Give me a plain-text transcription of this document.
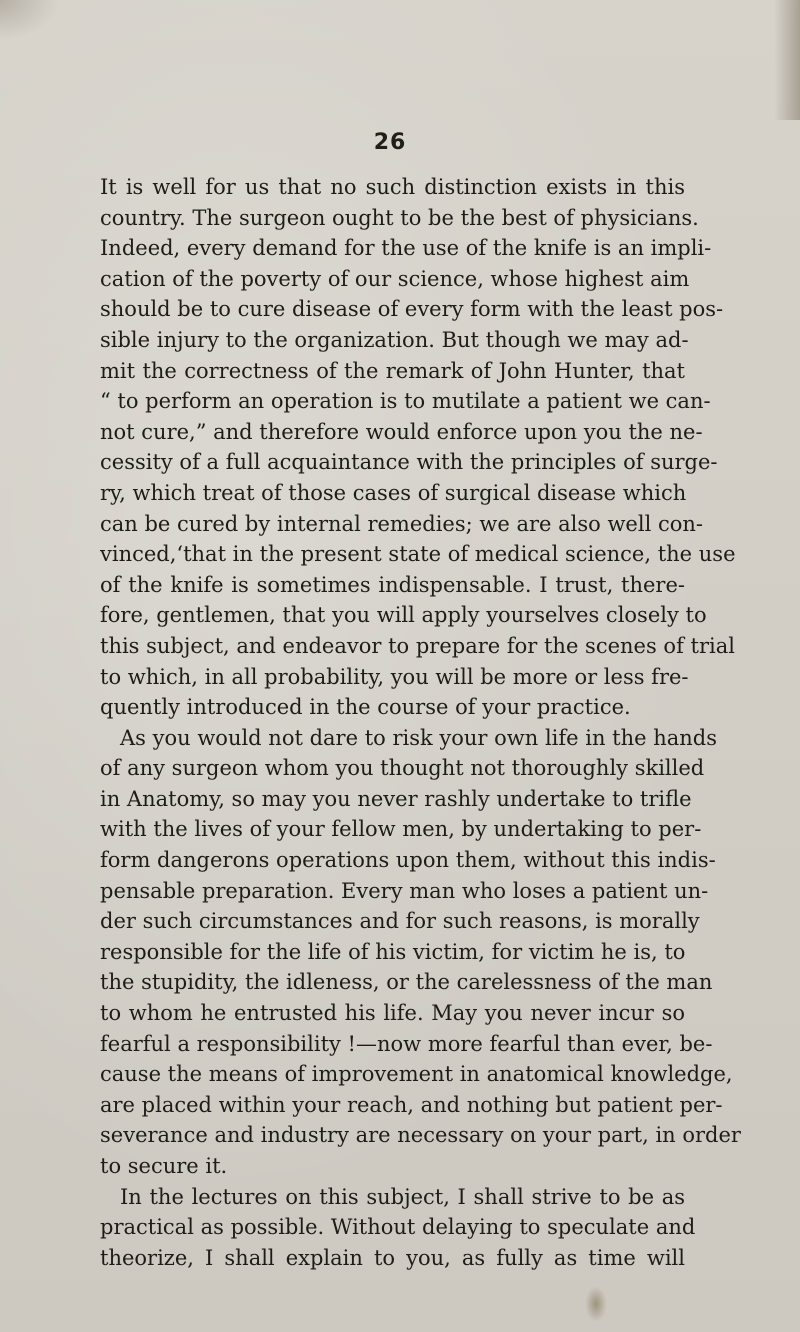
26
It is well for us that no such distinction exists in this
country. The surgeon ought to be the best of physicians.
Indeed, every demand for the use of the knife is an impli-
cation of the poverty of our science, whose highest aim
should be to cure disease of every form with the least pos-
sible injury to the organization. But though we may ad-
mit the correctness of the remark of John Hunter, that
“ to perform an operation is to mutilate a patient we can-
not cure,” and therefore would enforce upon you the ne-
cessity of a full acquaintance with the principles of surge-
ry, which treat of those cases of surgical disease which
can be cured by internal remedies; we are also well con-
vinced,‘that in the present state of medical science, the use
of the knife is sometimes indispensable. I trust, there-
fore, gentlemen, that you will apply yourselves closely to
this subject, and endeavor to prepare for the scenes of trial
to which, in all probability, you will be more or less fre-
quently introduced in the course of your practice.
As you would not dare to risk your own life in the hands
of any surgeon whom you thought not thoroughly skilled
in Anatomy, so may you never rashly undertake to trifle
with the lives of your fellow men, by undertaking to per-
form dangerons operations upon them, without this indis-
pensable preparation. Every man who loses a patient un-
der such circumstances and for such reasons, is morally
responsible for the life of his victim, for victim he is, to
the stupidity, the idleness, or the carelessness of the man
to whom he entrusted his life. May you never incur so
fearful a responsibility !—now more fearful than ever, be-
cause the means of improvement in anatomical knowledge,
are placed within your reach, and nothing but patient per-
severance and industry are necessary on your part, in order
to secure it.
In the lectures on this subject, I shall strive to be as
practical as possible. Without delaying to speculate and
theorize, I shall explain to you, as fully as time will
